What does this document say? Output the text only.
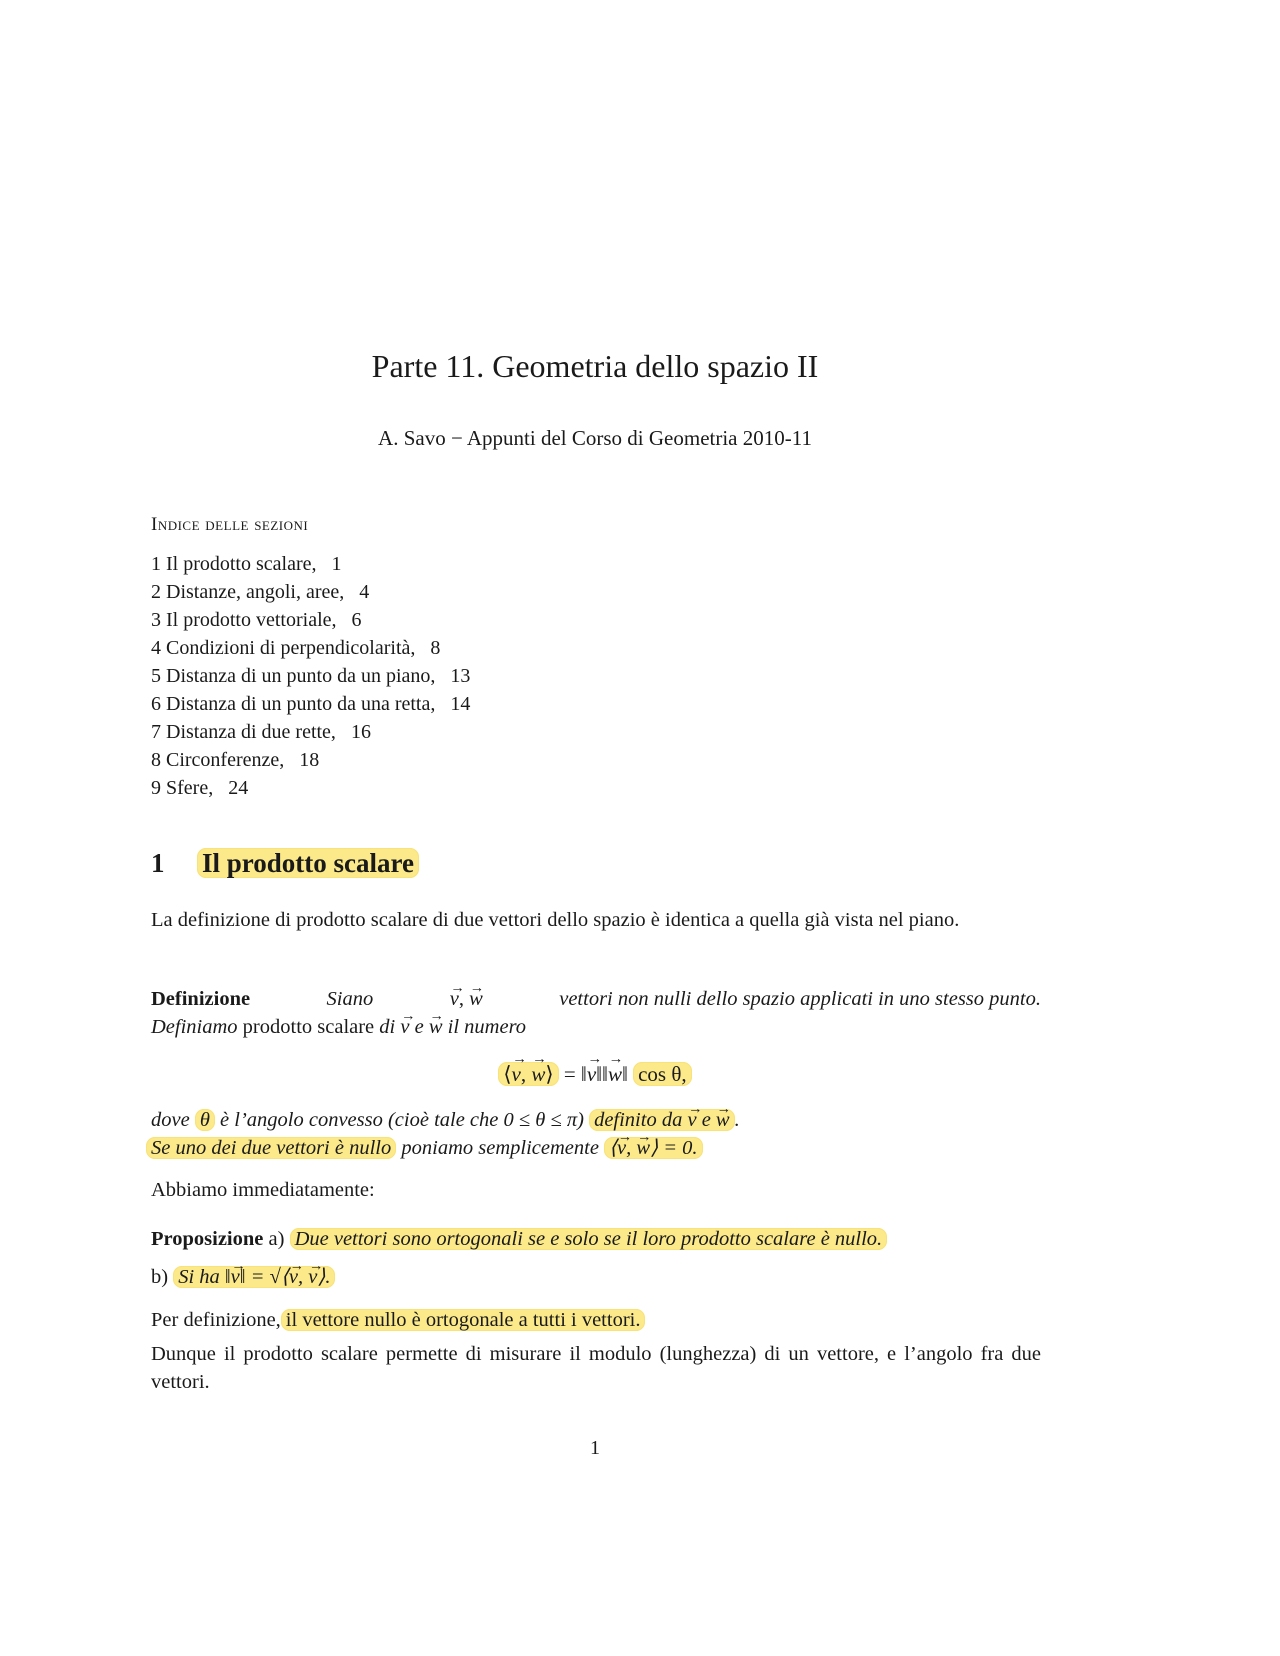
Parte 11. Geometria dello spazio II
A. Savo − Appunti del Corso di Geometria 2010-11
Indice delle sezioni
1 Il prodotto scalare, 1
2 Distanze, angoli, aree, 4
3 Il prodotto vettoriale, 6
4 Condizioni di perpendicolarità, 8
5 Distanza di un punto da un piano, 13
6 Distanza di un punto da una retta, 14
7 Distanza di due rette, 16
8 Circonferenze, 18
9 Sfere, 24
1 Il prodotto scalare
La definizione di prodotto scalare di due vettori dello spazio è identica a quella già vista nel piano.
Definizione	Siano	→ v, → w	vettori non nulli dello spazio applicati in uno stesso punto.
Definiamo prodotto scalare di → v e → w il numero
⟨→ v, → w⟩ = ‖→ v‖‖→ w‖ cos θ,
dove θ è l’angolo convesso (cioè tale che 0 ≤ θ ≤ π) definito da → v e → w .
Se uno dei due vettori è nullo poniamo semplicemente ⟨→ v, → w⟩ = 0.
Abbiamo immediatamente:
Proposizione a) Due vettori sono ortogonali se e solo se il loro prodotto scalare è nullo.
b) Si ha ‖→ v‖ = √⟨→ v, → v⟩.
Per definizione, il vettore nullo è ortogonale a tutti i vettori.
Dunque il prodotto scalare permette di misurare il modulo (lunghezza) di un vettore, e l’angolo fra due vettori.
1
